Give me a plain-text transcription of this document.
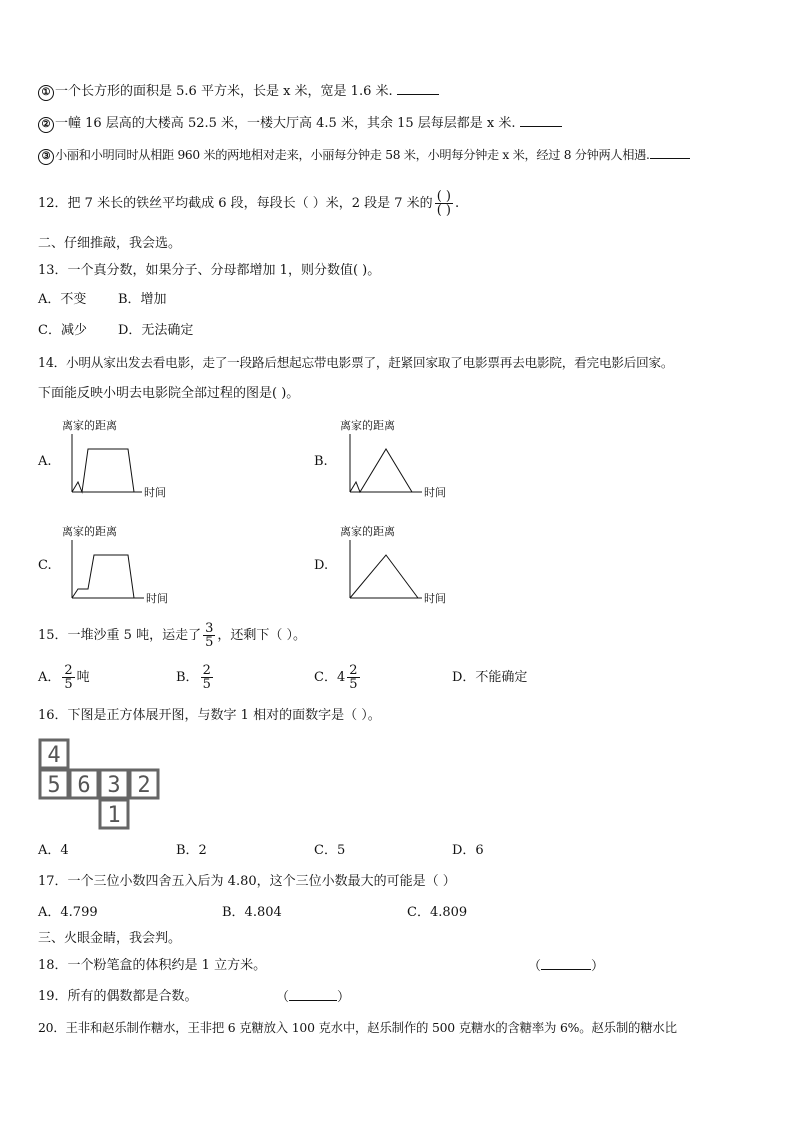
① 一个长方形的面积是 5.6 平方米，长是 x 米，宽是 1.6 米.
② 一幢 16 层高的大楼高 52.5 米，一楼大厅高 4.5 米，其余 15 层每层都是 x 米.
③ 小丽和小明同时从相距 960 米的两地相对走来，小丽每分钟走 58 米，小明每分钟走 x 米，经过 8 分钟两人相遇.
12．把 7 米长的铁丝平均截成 6 段，每段长（ ）米，2 段是 7 米的 $\frac{( )}{( )}$ .
二、仔细推敲，我会选。
13．一个真分数，如果分子、分母都增加 1，则分数值( )。
A．不变 B．增加
C．减少 D．无法确定
14．小明从家出发去看电影，走了一段路后想起忘带电影票了，赶紧回家取了电影票再去电影院，看完电影后回家。
下面能反映小明去电影院全部过程的图是( )。
A.
离家的距离
时间
B.
离家的距离
时间
C.
离家的距离
时间
D.
离家的距离
时间
15．一堆沙重 5 吨，运走了 $\frac{3}{5}$ ，还剩下（ ）。
A． $\frac{2}{5}$ 吨	B． $\frac{2}{5}$	C．$4 \frac{2}{5}$	D．不能确定
16．下图是正方体展开图，与数字 1 相对的面数字是（ ）。
4
5 6 3 2
1
A．4	B．2	C．5	D．6
17．一个三位小数四舍五入后为 4.80，这个三位小数最大的可能是（ ）
A．4.799	B．4.804	C．4.809
三、火眼金睛，我会判。
18．一个粉笔盒的体积约是 1 立方米。	（	）
19．所有的偶数都是合数。	（	）
20．王非和赵乐制作糖水，王非把 6 克糖放入 100 克水中，赵乐制作的 500 克糖水的含糖率为 6%。赵乐制的糖水比
